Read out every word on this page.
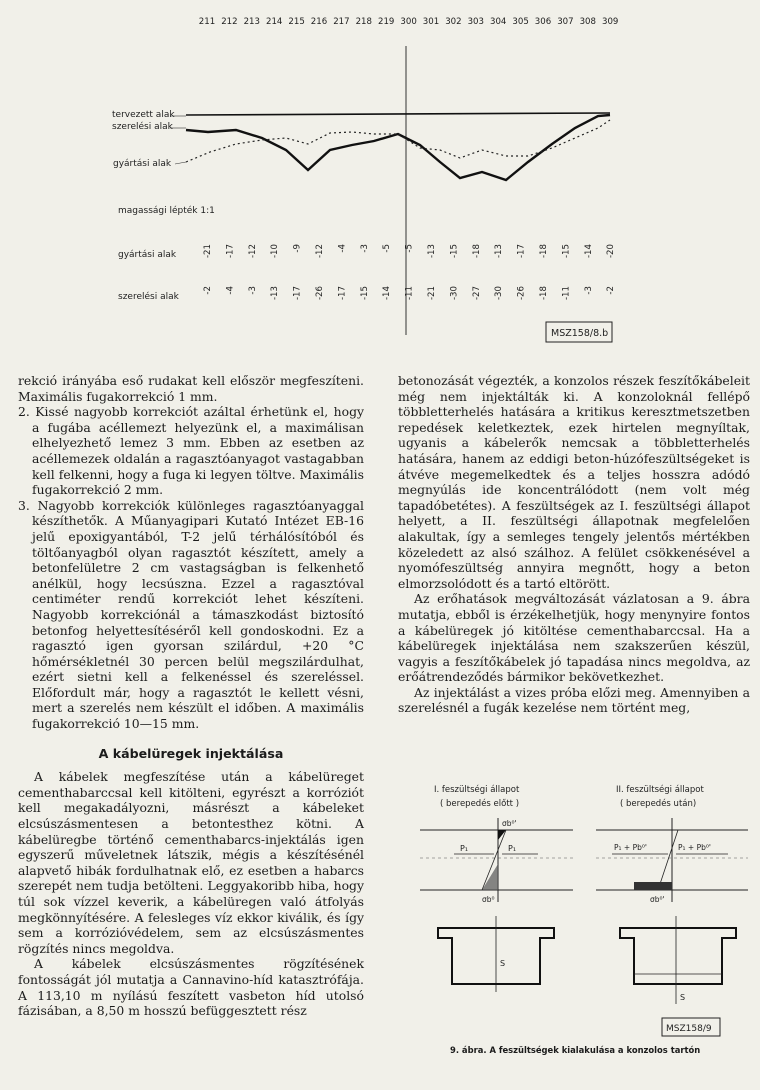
211 212 213 214 215 216 217 218 219 300 301 302 303 304 305 306 307 308 309
tervezett alak
szerelési alak
gyártási alak
magassági lépték 1:1
gyártási alak
szerelési alak
-21 -17 -12 -10 -9 -12 -4 -3 -5 -5 -13 -15 -18 -13 -17 -18 -15 -14 -20
-2 -4 -3 -13 -17 -26 -17 -15 -14 -11 -21 -30 -27 -30 -26 -18 -11 -3 -2
MSZ158/8.b

rekció irányába eső rudakat kell először megfeszíteni. Maximális fugakorrekció 1 mm.

2. Kissé nagyobb korrekciót azáltal érhetünk el, hogy a fugába acéllemezt helyezünk el, a maximálisan elhelyezhető lemez 3 mm. Ebben az esetben az acéllemezek oldalán a ragasztóanyagot vastagabban kell felkenni, hogy a fuga ki legyen töltve. Maximális fugakorrekció 2 mm.

3. Nagyobb korrekciók különleges ragasztóanyaggal készíthetők. A Műanyagipari Kutató Intézet EB-16 jelű epoxigyantából, T-2 jelű térhálósítóból és töltőanyagból olyan ragasztót készített, amely a betonfelületre 2 cm vastagságban is felkenhető anélkül, hogy lecsúszna. Ezzel a ragasztóval centiméter rendű korrekciót lehet készíteni. Nagyobb korrekciónál a támaszkodást biztosító betonfog helyettesítéséről kell gondoskodni. Ez a ragasztó igen gyorsan szilárdul, +20 °C hőmérsékletnél 30 percen belül megszilárdulhat, ezért sietni kell a felkenéssel és szereléssel. Előfordult már, hogy a ragasztót le kellett vésni, mert a szerelés nem készült el időben. A maximális fugakorrekció 10—15 mm.

A kábelüregek injektálása

A kábelek megfeszítése után a kábelüreget cementhabarccsal kell kitölteni, egyrészt a korróziót kell megakadályozni, másrészt a kábeleket elcsúszásmentesen a betontesthez kötni. A kábelüregbe történő cementhabarcs-injektálás igen egyszerű műveletnek látszik, mégis a készítésénél alapvető hibák fordulhatnak elő, ez esetben a habarcs szerepét nem tudja betölteni. Leggyakoribb hiba, hogy túl sok vízzel keverik, a kábelüregen való átfolyás megkönnyítésére. A felesleges víz ekkor kiválik, és így sem a korrózióvédelem, sem az elcsúszásmentes rögzítés nincs megoldva.

A kábelek elcsúszásmentes rögzítésének fontosságát jól mutatja a Cannavino-híd katasztrófája. A 113,10 m nyílású feszített vasbeton híd utolsó fázisában, a 8,50 m hosszú befüggesztett rész

betonozását végezték, a konzolos részek feszítőkábeleit még nem injektálták ki. A konzoloknál fellépő többletterhelés hatására a kritikus keresztmetszetben repedések keletkeztek, ezek hirtelen megnyíltak, ugyanis a kábelerők nemcsak a többletterhelés hatására, hanem az eddigi beton-húzófeszültségeket is átvéve megemelkedtek és a teljes hosszra adódó megnyúlás ide koncentrálódott (nem volt még tapadóbetétes). A feszültségek az I. feszültségi állapot helyett, a II. feszültségi állapotnak megfelelően alakultak, így a semleges tengely jelentős mértékben közeledett az alsó szálhoz. A felület csökkenésével a nyomófeszültség annyira megnőtt, hogy a beton elmorzsolódott és a tartó eltörött.

Az erőhatások megváltozását vázlatosan a 9. ábra mutatja, ebből is érzékelhetjük, hogy menynyire fontos a kábelüregek jó kitöltése cementhabarccsal. Ha a kábelüregek injektálása nem szakszerűen készül, vagyis a feszítőkábelek jó tapadása nincs megoldva, az erőátrendeződés bármikor bekövetkezhet.

Az injektálást a vizes próba előzi meg. Amennyiben a szerelésnél a fugák kezelése nem történt meg,

I. feszültségi állapot
( berepedés előtt )
II. feszültségi állapot
( berepedés után)
σb⁰'
P₁	P₁
σb⁰
P₁ + Pb⁰'	P₁ + Pb⁰'
σb⁰'
S
S
MSZ158/9
9. ábra. A feszültségek kialakulása a konzolos tartón
